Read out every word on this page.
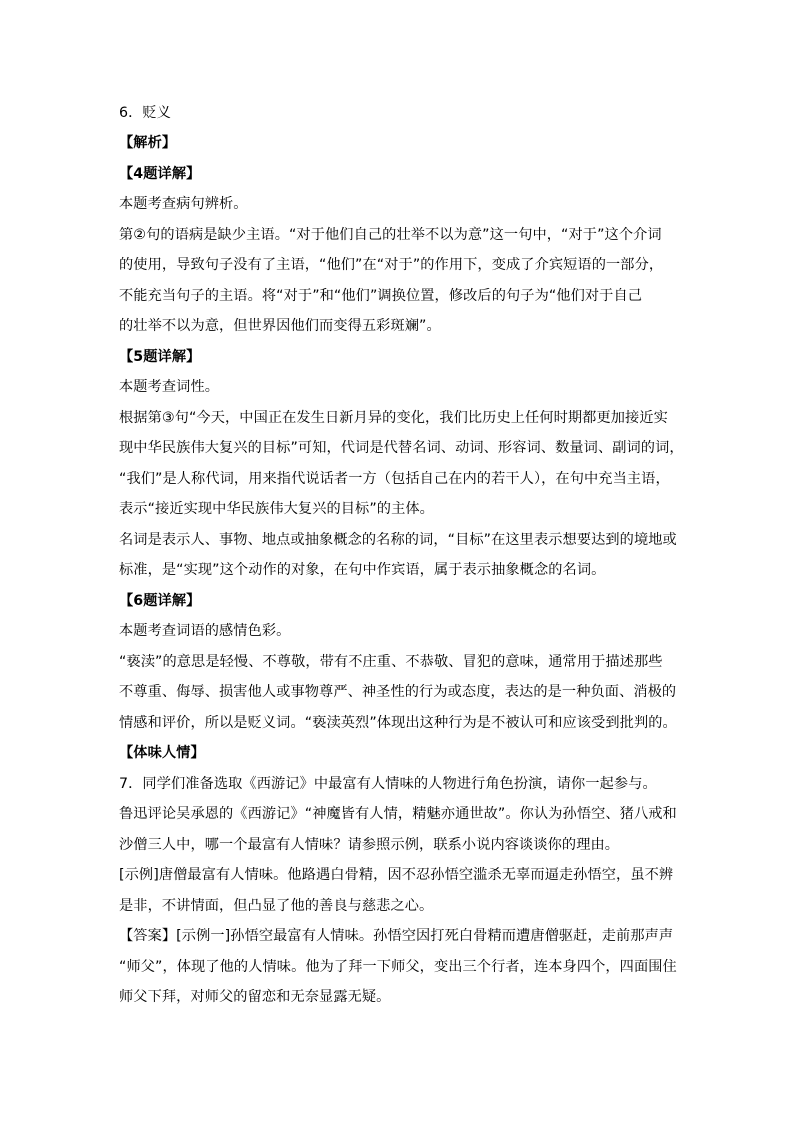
6．贬义
【解析】
【4题详解】
本题考查病句辨析。
第②句的语病是缺少主语。“对于他们自己的壮举不以为意”这一句中，“对于”这个介词
的使用，导致句子没有了主语，“他们”在“对于”的作用下，变成了介宾短语的一部分，
不能充当句子的主语。将“对于”和“他们”调换位置，修改后的句子为“他们对于自己
的壮举不以为意，但世界因他们而变得五彩斑斓”。
【5题详解】
本题考查词性。
根据第③句“今天，中国正在发生日新月异的变化，我们比历史上任何时期都更加接近实
现中华民族伟大复兴的目标”可知，代词是代替名词、动词、形容词、数量词、副词的词，
“我们”是人称代词，用来指代说话者一方（包括自己在内的若干人），在句中充当主语，
表示“接近实现中华民族伟大复兴的目标”的主体。
名词是表示人、事物、地点或抽象概念的名称的词，“目标”在这里表示想要达到的境地或
标准，是“实现”这个动作的对象，在句中作宾语，属于表示抽象概念的名词。
【6题详解】
本题考查词语的感情色彩。
“亵渎”的意思是轻慢、不尊敬，带有不庄重、不恭敬、冒犯的意味，通常用于描述那些
不尊重、侮辱、损害他人或事物尊严、神圣性的行为或态度，表达的是一种负面、消极的
情感和评价，所以是贬义词。“亵渎英烈”体现出这种行为是不被认可和应该受到批判的。
【体味人情】
7．同学们准备选取《西游记》中最富有人情味的人物进行角色扮演，请你一起参与。
鲁迅评论吴承恩的《西游记》“神魔皆有人情，精魅亦通世故”。你认为孙悟空、猪八戒和
沙僧三人中，哪一个最富有人情味？请参照示例，联系小说内容谈谈你的理由。
[示例]唐僧最富有人情味。他路遇白骨精，因不忍孙悟空滥杀无辜而逼走孙悟空，虽不辨
是非，不讲情面，但凸显了他的善良与慈悲之心。
【答案】[示例一]孙悟空最富有人情味。孙悟空因打死白骨精而遭唐僧驱赶，走前那声声
“师父”，体现了他的人情味。他为了拜一下师父，变出三个行者，连本身四个，四面围住
师父下拜，对师父的留恋和无奈显露无疑。
